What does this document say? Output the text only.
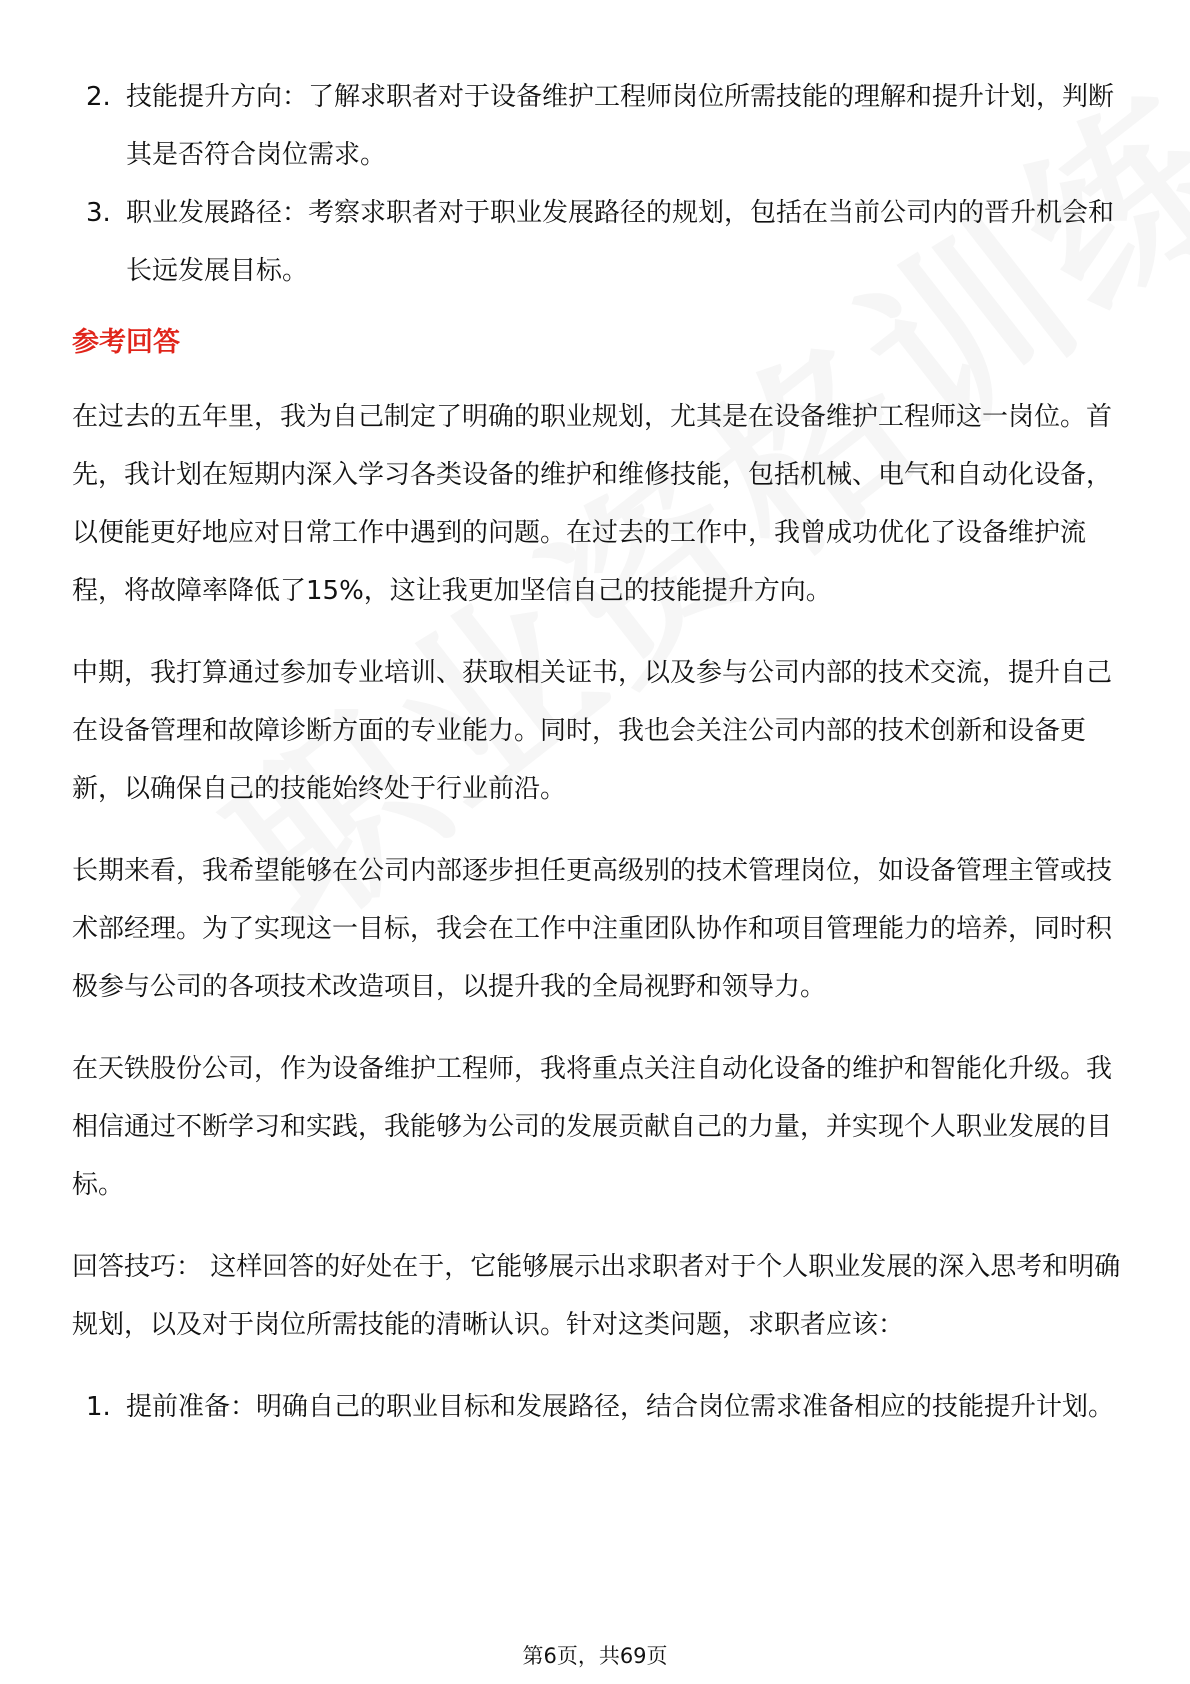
2. 技能提升方向：了解求职者对于设备维护工程师岗位所需技能的理解和提升计划，判断其是否符合岗位需求。
3. 职业发展路径：考察求职者对于职业发展路径的规划，包括在当前公司内的晋升机会和长远发展目标。
参考回答

在过去的五年里，我为自己制定了明确的职业规划，尤其是在设备维护工程师这一岗位。首先，我计划在短期内深入学习各类设备的维护和维修技能，包括机械、电气和自动化设备，以便能更好地应对日常工作中遇到的问题。在过去的工作中，我曾成功优化了设备维护流程，将故障率降低了15%，这让我更加坚信自己的技能提升方向。

中期，我打算通过参加专业培训、获取相关证书，以及参与公司内部的技术交流，提升自己在设备管理和故障诊断方面的专业能力。同时，我也会关注公司内部的技术创新和设备更新，以确保自己的技能始终处于行业前沿。

长期来看，我希望能够在公司内部逐步担任更高级别的技术管理岗位，如设备管理主管或技术部经理。为了实现这一目标，我会在工作中注重团队协作和项目管理能力的培养，同时积极参与公司的各项技术改造项目，以提升我的全局视野和领导力。

在天铁股份公司，作为设备维护工程师，我将重点关注自动化设备的维护和智能化升级。我相信通过不断学习和实践，我能够为公司的发展贡献自己的力量，并实现个人职业发展的目标。

回答技巧： 这样回答的好处在于，它能够展示出求职者对于个人职业发展的深入思考和明确规划，以及对于岗位所需技能的清晰认识。针对这类问题，求职者应该：

1. 提前准备：明确自己的职业目标和发展路径，结合岗位需求准备相应的技能提升计划。
第6页，共69页
